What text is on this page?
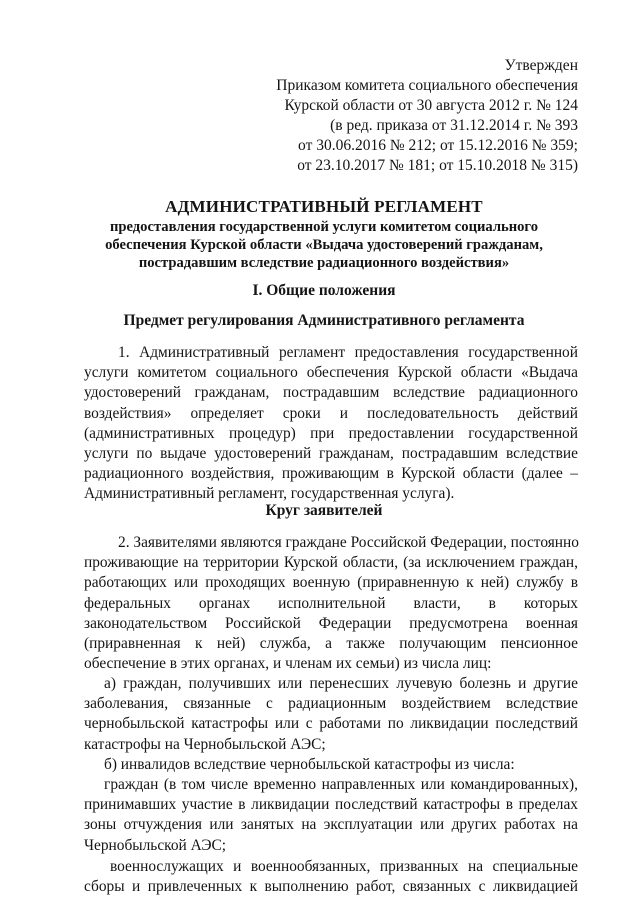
Утвержден
Приказом комитета социального обеспечения
Курской области от 30 августа 2012 г. № 124
(в ред. приказа от 31.12.2014 г. № 393
от 30.06.2016 № 212; от 15.12.2016 № 359;
от 23.10.2017 № 181; от 15.10.2018 № 315)
АДМИНИСТРАТИВНЫЙ РЕГЛАМЕНТ
предоставления государственной услуги комитетом социального
обеспечения Курской области «Выдача удостоверений гражданам,
пострадавшим вследствие радиационного воздействия»
I. Общие положения
Предмет регулирования Административного регламента
1. Административный регламент предоставления государственной
услуги комитетом социального обеспечения Курской области «Выдача
удостоверений гражданам, пострадавшим вследствие радиационного
воздействия» определяет сроки и последовательность действий
(административных процедур) при предоставлении государственной
услуги по выдаче удостоверений гражданам, пострадавшим вследствие
радиационного воздействия, проживающим в Курской области (далее –
Административный регламент, государственная услуга).
Круг заявителей
2. Заявителями являются граждане Российской Федерации, постоянно
проживающие на территории Курской области, (за исключением граждан,
работающих или проходящих военную (приравненную к ней) службу в
федеральных органах исполнительной власти, в которых
законодательством Российской Федерации предусмотрена военная
(приравненная к ней) служба, а также получающим пенсионное
обеспечение в этих органах, и членам их семьи) из числа лиц:
а) граждан, получивших или перенесших лучевую болезнь и другие
заболевания, связанные с радиационным воздействием вследствие
чернобыльской катастрофы или с работами по ликвидации последствий
катастрофы на Чернобыльской АЭС;
б) инвалидов вследствие чернобыльской катастрофы из числа:
граждан (в том числе временно направленных или командированных),
принимавших участие в ликвидации последствий катастрофы в пределах
зоны отчуждения или занятых на эксплуатации или других работах на
Чернобыльской АЭС;
военнослужащих и военнообязанных, призванных на специальные
сборы и привлеченных к выполнению работ, связанных с ликвидацией
